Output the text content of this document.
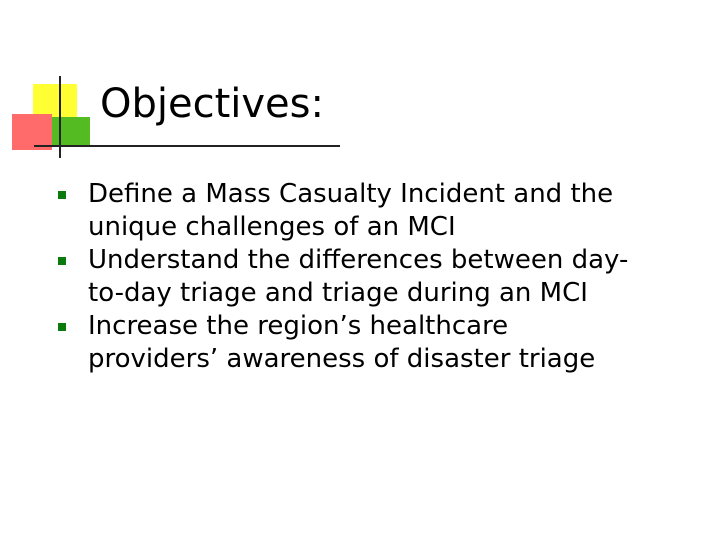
Objectives:
Define a Mass Casualty Incident and the
unique challenges of an MCI
Understand the differences between day-
to-day triage and triage during an MCI
Increase the region’s healthcare
providers’ awareness of disaster triage
